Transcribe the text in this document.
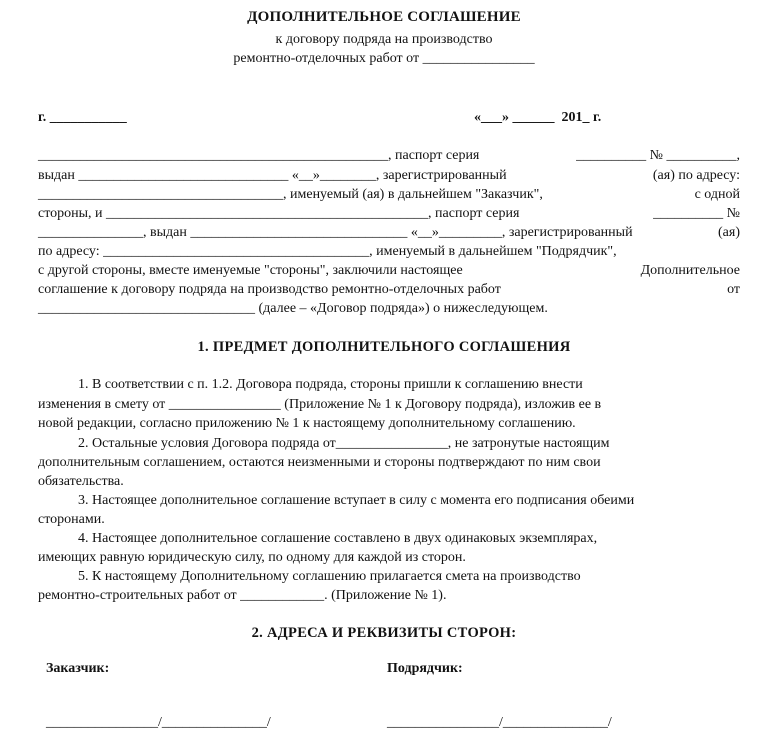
ДОПОЛНИТЕЛЬНОЕ СОГЛАШЕНИЕ
к договору подряда на производство
ремонтно-отделочных работ от ________________
г. ___________	«___» ______  201_ г.
__________________________________________________, паспорт серия	__________ № __________,
выдан ______________________________ «__»________, зарегистрированный	(ая) по адресу:
___________________________________, именуемый (ая) в дальнейшем "Заказчик",	с одной
стороны, и ______________________________________________, паспорт серия	__________ №
_______________, выдан _______________________________ «__»_________, зарегистрированный	(ая)
по адресу: ______________________________________, именуемый в дальнейшем "Подрядчик",
с другой стороны, вместе именуемые "стороны", заключили настоящее	Дополнительное
соглашение к договору подряда на производство ремонтно-отделочных работ	от
_______________________________ (далее – «Договор подряда») о нижеследующем.
1. ПРЕДМЕТ ДОПОЛНИТЕЛЬНОГО СОГЛАШЕНИЯ
1. В соответствии с п. 1.2. Договора подряда, стороны пришли к соглашению внести
изменения в смету от ________________ (Приложение № 1 к Договору подряда), изложив ее в
новой редакции, согласно приложению № 1 к настоящему дополнительному соглашению.
2. Остальные условия Договора подряда от________________, не затронутые настоящим
дополнительным соглашением, остаются неизменными и стороны подтверждают по ним свои
обязательства.
3. Настоящее дополнительное соглашение вступает в силу с момента его подписания обеими
сторонами.
4. Настоящее дополнительное соглашение составлено в двух одинаковых экземплярах,
имеющих равную юридическую силу, по одному для каждой из сторон.
5. К настоящему Дополнительному соглашению прилагается смета на производство
ремонтно-строительных работ от ____________. (Приложение № 1).
2. АДРЕСА И РЕКВИЗИТЫ СТОРОН:
Заказчик:	Подрядчик:
________________/_______________/	________________/_______________/
